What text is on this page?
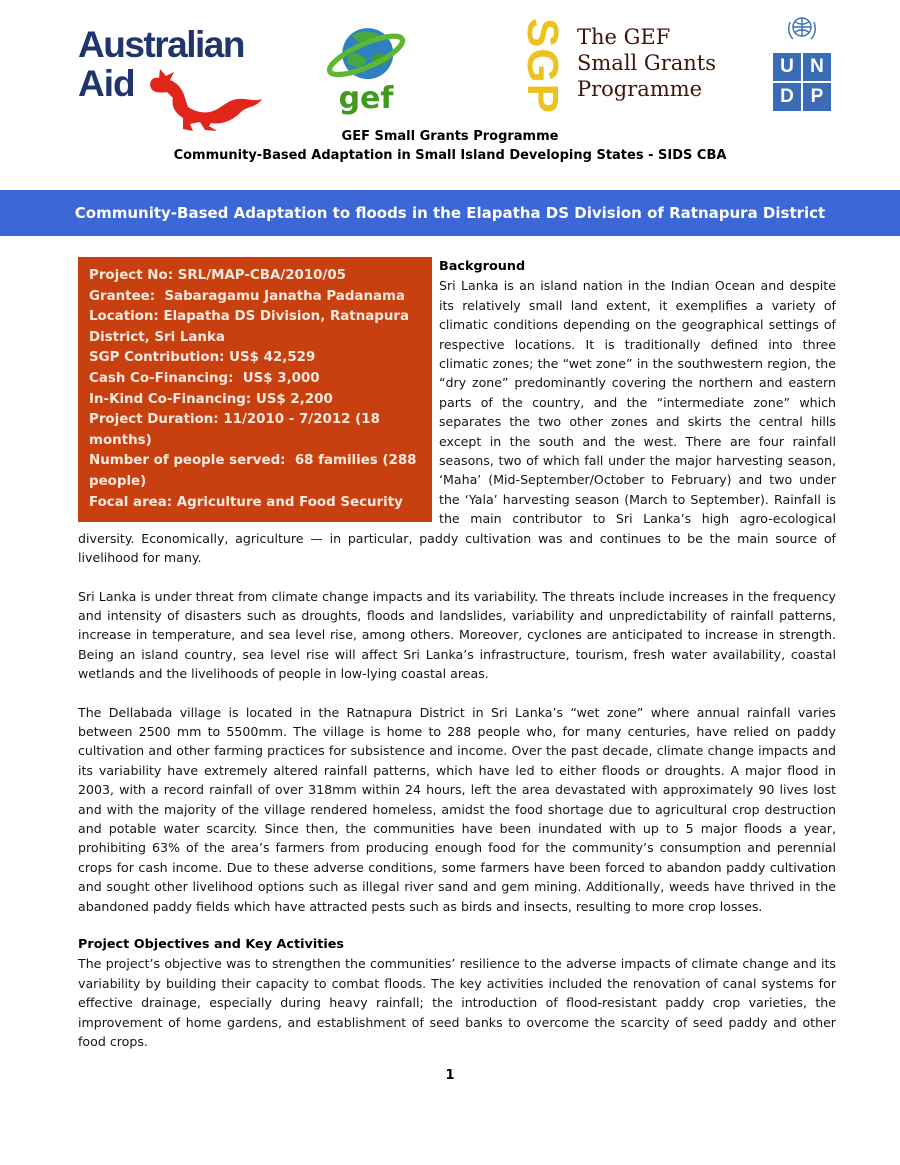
Australian
Aid	gef	SGP The GEF
Small Grants
Programme
U N
D P
GEF Small Grants Programme
Community-Based Adaptation in Small Island Developing States - SIDS CBA
Community-Based Adaptation to floods in the Elapatha DS Division of Ratnapura District
Project No: SRL/MAP-CBA/2010/05
Grantee:  Sabaragamu Janatha Padanama
Location: Elapatha DS Division, Ratnapura District, Sri Lanka
SGP Contribution: US$ 42,529
Cash Co-Financing:  US$ 3,000
In-Kind Co-Financing: US$ 2,200
Project Duration: 11/2010 - 7/2012 (18 months)
Number of people served:  68 families (288 people)
Focal area: Agriculture and Food Security
Background

Sri Lanka is an island nation in the Indian Ocean and despite its relatively small land extent, it exemplifies a variety of climatic conditions depending on the geographical settings of respective locations. It is traditionally defined into three climatic zones; the “wet zone” in the southwestern region, the “dry zone” predominantly covering the northern and eastern parts of the country, and the “intermediate zone” which separates the two other zones and skirts the central hills except in the south and the west. There are four rainfall seasons, two of which fall under the major harvesting season, ‘Maha’ (Mid-September/October to February) and two under the ‘Yala’ harvesting season (March to September). Rainfall is the main contributor to Sri Lanka’s high agro-ecological diversity. Economically, agriculture — in particular, paddy cultivation was and continues to be the main source of livelihood for many.

Sri Lanka is under threat from climate change impacts and its variability. The threats include increases in the frequency and intensity of disasters such as droughts, floods and landslides, variability and unpredictability of rainfall patterns, increase in temperature, and sea level rise, among others. Moreover, cyclones are anticipated to increase in strength. Being an island country, sea level rise will affect Sri Lanka’s infrastructure, tourism, fresh water availability, coastal wetlands and the livelihoods of people in low-lying coastal areas.

The Dellabada village is located in the Ratnapura District in Sri Lanka’s “wet zone” where annual rainfall varies between 2500 mm to 5500mm. The village is home to 288 people who, for many centuries, have relied on paddy cultivation and other farming practices for subsistence and income. Over the past decade, climate change impacts and its variability have extremely altered rainfall patterns, which have led to either floods or droughts. A major flood in 2003, with a record rainfall of over 318mm within 24 hours, left the area devastated with approximately 90 lives lost and with the majority of the village rendered homeless, amidst the food shortage due to agricultural crop destruction and potable water scarcity. Since then, the communities have been inundated with up to 5 major floods a year, prohibiting 63% of the area’s farmers from producing enough food for the community’s consumption and perennial crops for cash income. Due to these adverse conditions, some farmers have been forced to abandon paddy cultivation and sought other livelihood options such as illegal river sand and gem mining. Additionally, weeds have thrived in the abandoned paddy fields which have attracted pests such as birds and insects, resulting to more crop losses.

Project Objectives and Key Activities

The project’s objective was to strengthen the communities’ resilience to the adverse impacts of climate change and its variability by building their capacity to combat floods. The key activities included the renovation of canal systems for effective drainage, especially during heavy rainfall; the introduction of flood-resistant paddy crop varieties, the improvement of home gardens, and establishment of seed banks to overcome the scarcity of seed paddy and other food crops.

1
